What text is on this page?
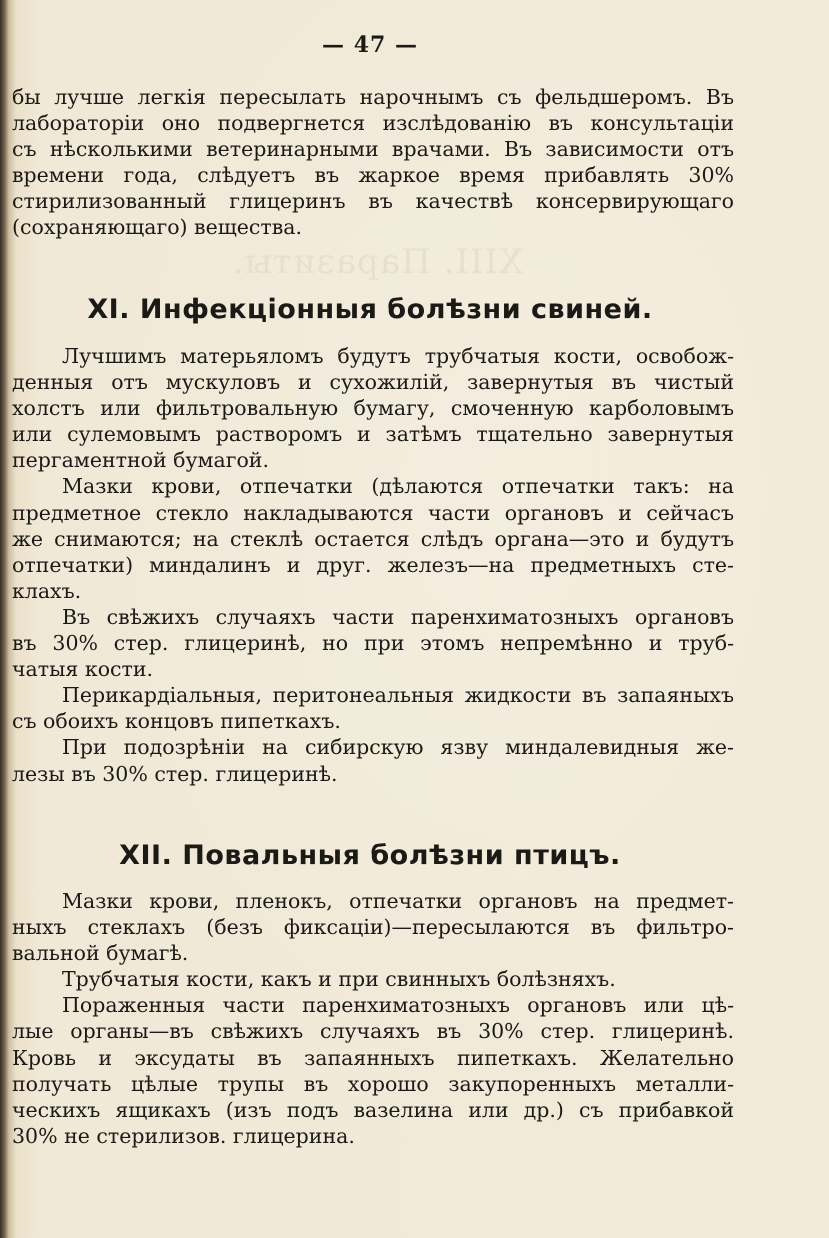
XIII. Паразиты.
— 47 —
бы лучше легкія пересылать нарочнымъ съ фельдшеромъ. Въ
лабораторіи оно подвергнется изслѣдованію въ консультаціи
съ нѣсколькими ветеринарными врачами. Въ зависимости отъ
времени года, слѣдуетъ въ жаркое время прибавлять 30%
стирилизованный глицеринъ въ качествѣ консервирующаго
(сохраняющаго) вещества.
XI. Инфекціонныя болѣзни свиней.
Лучшимъ матерьяломъ будутъ трубчатыя кости, освобож-
денныя отъ мускуловъ и сухожилій, завернутыя въ чистый
холстъ или фильтровальную бумагу, смоченную карболовымъ
или сулемовымъ растворомъ и затѣмъ тщательно завернутыя
пергаментной бумагой.
Мазки крови, отпечатки (дѣлаются отпечатки такъ: на
предметное стекло накладываются части органовъ и сейчасъ
же снимаются; на стеклѣ остается слѣдъ органа—это и будутъ
отпечатки) миндалинъ и друг. железъ—на предметныхъ сте-
клахъ.
Въ свѣжихъ случаяхъ части паренхиматозныхъ органовъ
въ 30% стер. глицеринѣ, но при этомъ непремѣнно и труб-
чатыя кости.
Перикардіальныя, перитонеальныя жидкости въ запаяныхъ
съ обоихъ концовъ пипеткахъ.
При подозрѣніи на сибирскую язву миндалевидныя же-
лезы въ 30% стер. глицеринѣ.
XII. Повальныя болѣзни птицъ.
Мазки крови, пленокъ, отпечатки органовъ на предмет-
ныхъ стеклахъ (безъ фиксаціи)—пересылаются въ фильтро-
вальной бумагѣ.
Трубчатыя кости, какъ и при свинныхъ болѣзняхъ.
Пораженныя части паренхиматозныхъ органовъ или цѣ-
лые органы—въ свѣжихъ случаяхъ въ 30% стер. глицеринѣ.
Кровь и эксудаты въ запаянныхъ пипеткахъ. Желательно
получать цѣлые трупы въ хорошо закупоренныхъ металли-
ческихъ ящикахъ (изъ подъ вазелина или др.) съ прибавкой
30% не стерилизов. глицерина.
